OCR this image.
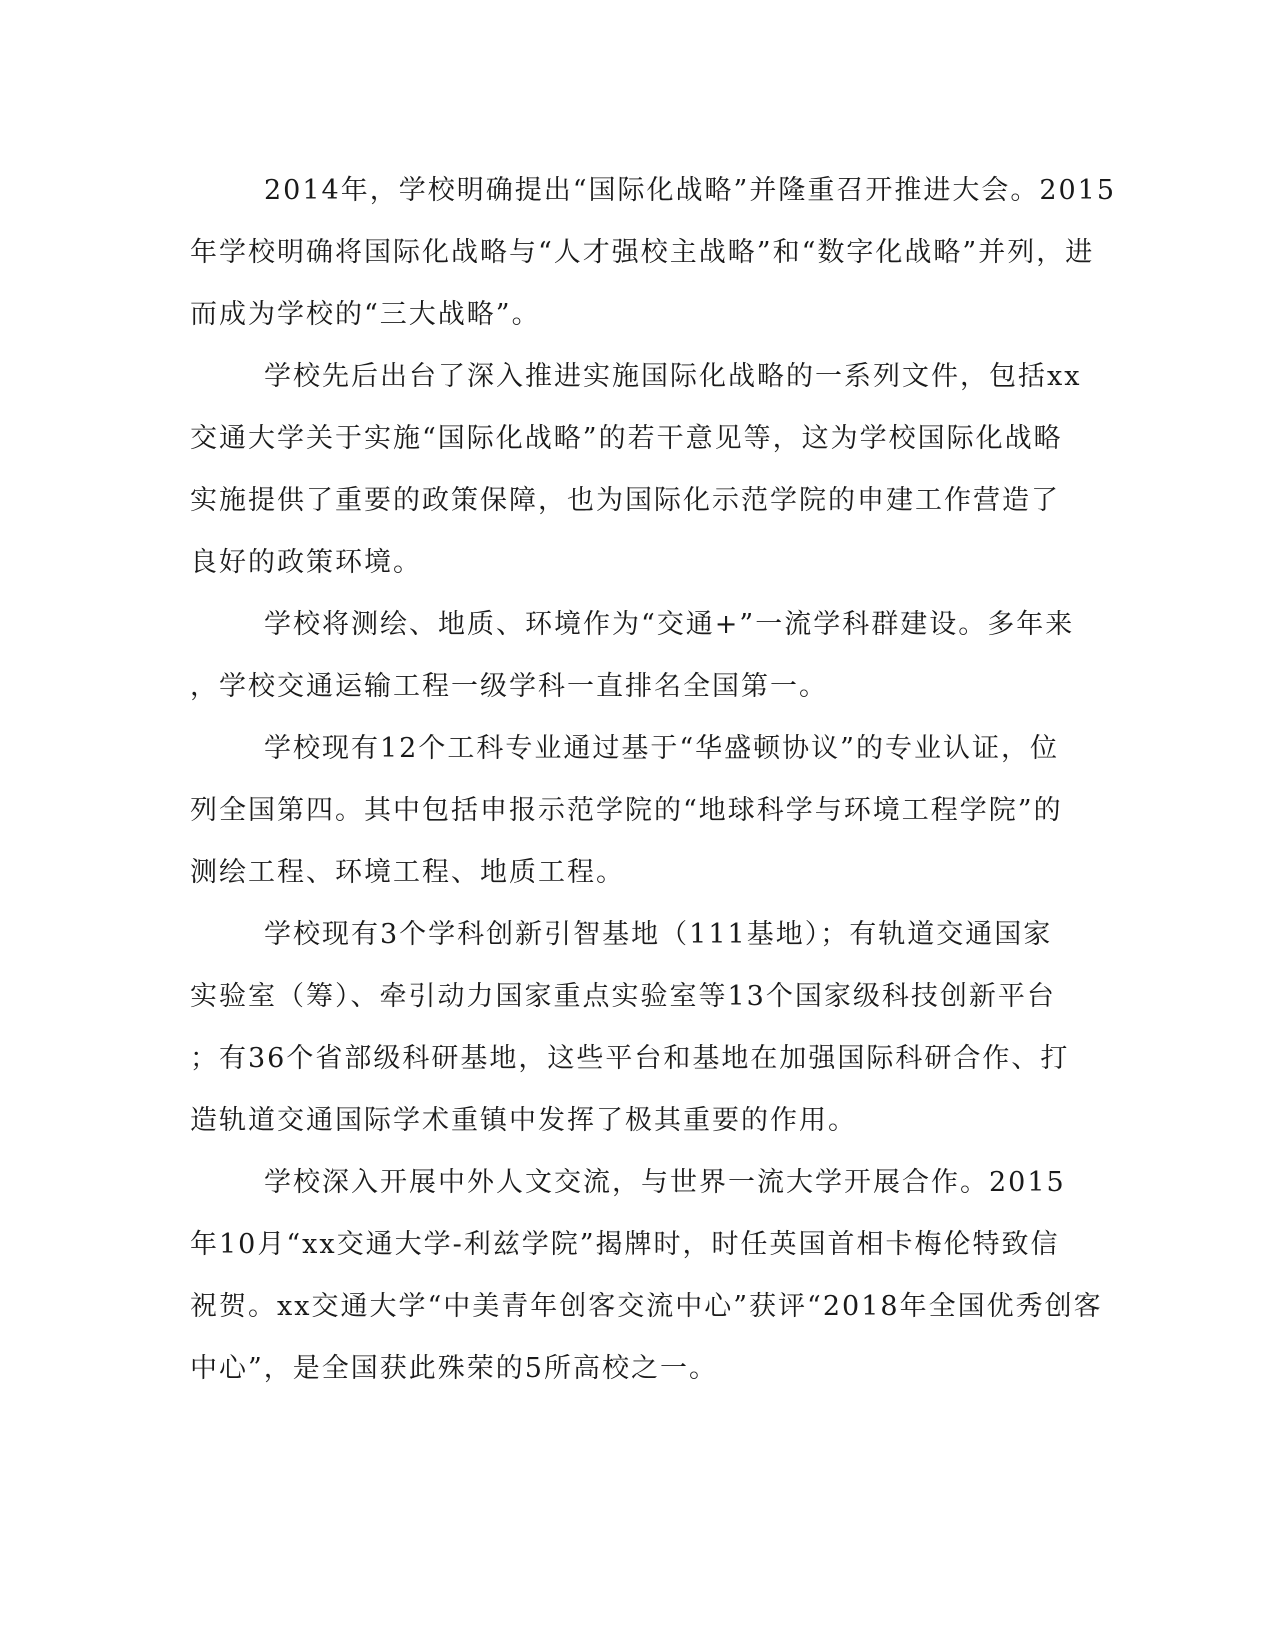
2014年，学校明确提出“国际化战略”并隆重召开推进大会。2015
年学校明确将国际化战略与“人才强校主战略”和“数字化战略”并列，进
而成为学校的“三大战略”。

学校先后出台了深入推进实施国际化战略的一系列文件，包括xx
交通大学关于实施“国际化战略”的若干意见等，这为学校国际化战略
实施提供了重要的政策保障，也为国际化示范学院的申建工作营造了
良好的政策环境。

学校将测绘、地质、环境作为“交通+”一流学科群建设。多年来
，学校交通运输工程一级学科一直排名全国第一。

学校现有12个工科专业通过基于“华盛顿协议”的专业认证，位
列全国第四。其中包括申报示范学院的“地球科学与环境工程学院”的
测绘工程、环境工程、地质工程。

学校现有3个学科创新引智基地（111基地）；有轨道交通国家
实验室（筹）、牵引动力国家重点实验室等13个国家级科技创新平台
；有36个省部级科研基地，这些平台和基地在加强国际科研合作、打
造轨道交通国际学术重镇中发挥了极其重要的作用。

学校深入开展中外人文交流，与世界一流大学开展合作。2015
年10月“xx交通大学-利兹学院”揭牌时，时任英国首相卡梅伦特致信
祝贺。xx交通大学“中美青年创客交流中心”获评“2018年全国优秀创客
中心”，是全国获此殊荣的5所高校之一。
